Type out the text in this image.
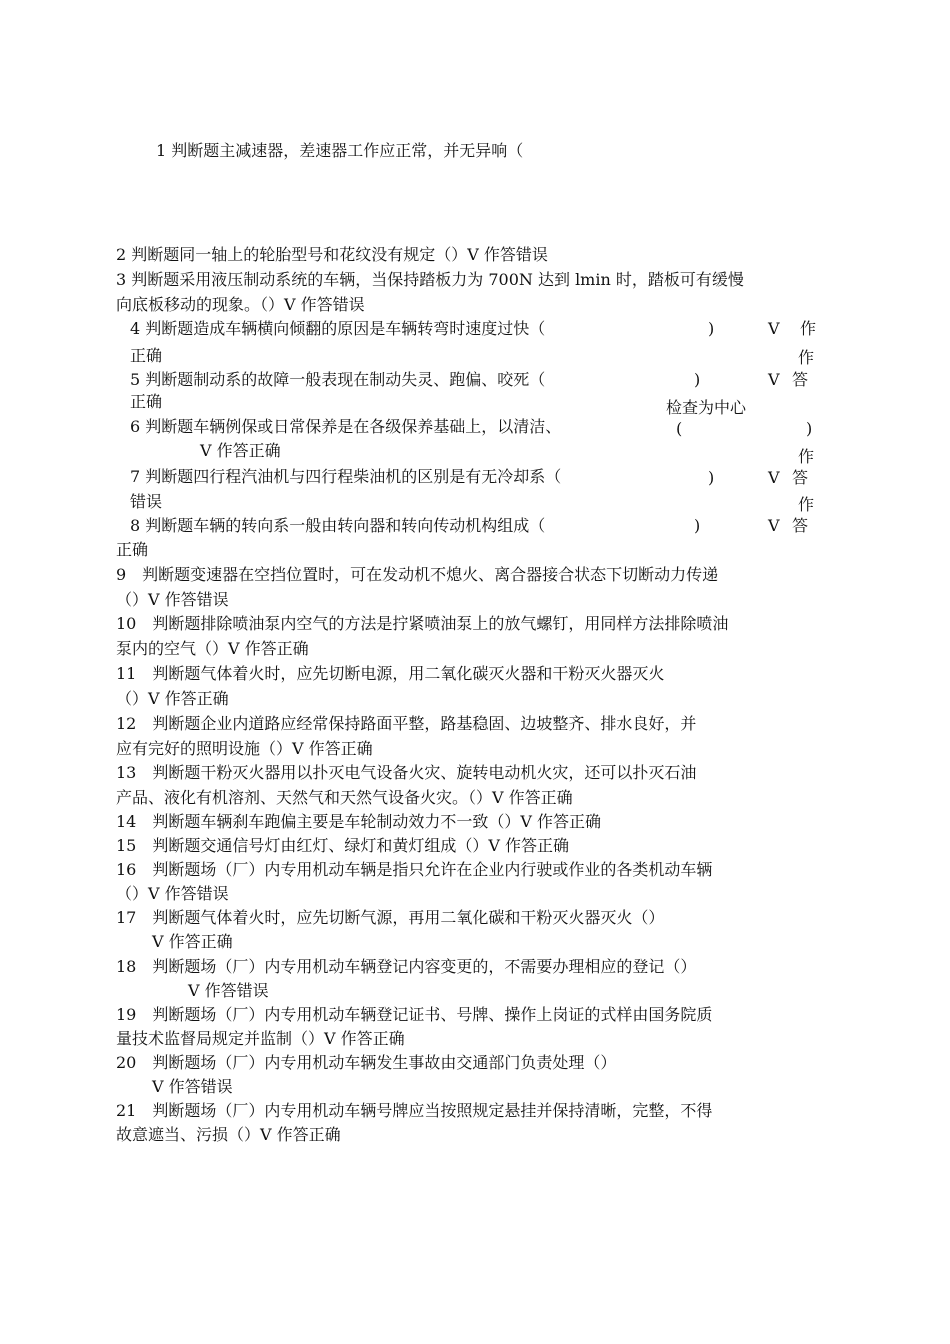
1 判断题主减速器，差速器工作应正常，并无异响（
2 判断题同一轴上的轮胎型号和花纹没有规定（）V 作答错误
3 判断题采用液压制动系统的车辆，当保持踏板力为 700N 达到 lmin 时，踏板可有缓慢
向底板移动的现象。（）V 作答错误
4 判断题造成车辆横向倾翻的原因是车辆转弯时速度过快（	)	V 作
正确	作
5 判断题制动系的故障一般表现在制动失灵、跑偏、咬死（	)	V 答
正确	检查为中心
6 判断题车辆例保或日常保养是在各级保养基础上，以清洁、	(	)
V 作答正确	作
7 判断题四行程汽油机与四行程柴油机的区别是有无冷却系（	)	V 答
错误	作
8 判断题车辆的转向系一般由转向器和转向传动机构组成（	)	V 答
正确
9　判断题变速器在空挡位置时，可在发动机不熄火、离合器接合状态下切断动力传递
（）V 作答错误
10　判断题排除喷油泵内空气的方法是拧紧喷油泵上的放气螺钉，用同样方法排除喷油
泵内的空气（）V 作答正确
11　判断题气体着火时，应先切断电源，用二氧化碳灭火器和干粉灭火器灭火
（）V 作答正确
12　判断题企业内道路应经常保持路面平整，路基稳固、边坡整齐、排水良好，并
应有完好的照明设施（）V 作答正确
13　判断题干粉灭火器用以扑灭电气设备火灾、旋转电动机火灾，还可以扑灭石油
产品、液化有机溶剂、天然气和天然气设备火灾。（）V 作答正确
14　判断题车辆刹车跑偏主要是车轮制动效力不一致（）V 作答正确
15　判断题交通信号灯由红灯、绿灯和黄灯组成（）V 作答正确
16　判断题场（厂）内专用机动车辆是指只允许在企业内行驶或作业的各类机动车辆
（）V 作答错误
17　判断题气体着火时，应先切断气源，再用二氧化碳和干粉灭火器灭火（）
V 作答正确
18　判断题场（厂）内专用机动车辆登记内容变更的，不需要办理相应的登记（）
V 作答错误
19　判断题场（厂）内专用机动车辆登记证书、号牌、操作上岗证的式样由国务院质
量技术监督局规定并监制（）V 作答正确
20　判断题场（厂）内专用机动车辆发生事故由交通部门负责处理（）
V 作答错误
21　判断题场（厂）内专用机动车辆号牌应当按照规定悬挂并保持清晰，完整，不得
故意遮当、污损（）V 作答正确
